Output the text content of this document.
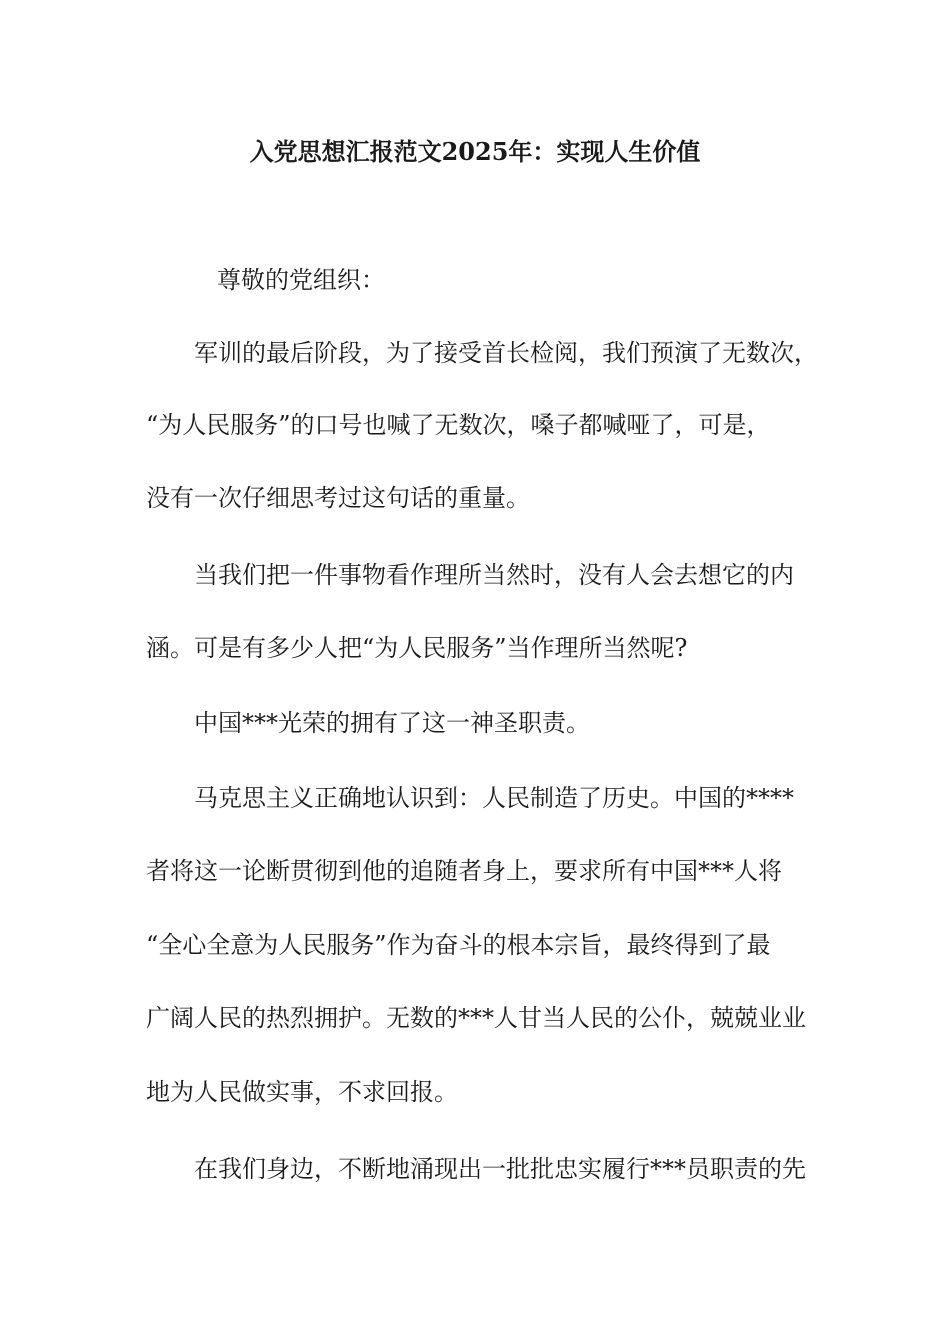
入党思想汇报范文2025年：实现人生价值
尊敬的党组织：
军训的最后阶段，为了接受首长检阅，我们预演了无数次，
“为人民服务”的口号也喊了无数次，嗓子都喊哑了，可是，
没有一次仔细思考过这句话的重量。
当我们把一件事物看作理所当然时，没有人会去想它的内
涵。可是有多少人把“为人民服务”当作理所当然呢?
中国***光荣的拥有了这一神圣职责。
马克思主义正确地认识到：人民制造了历史。中国的****
者将这一论断贯彻到他的追随者身上，要求所有中国***人将
“全心全意为人民服务”作为奋斗的根本宗旨，最终得到了最
广阔人民的热烈拥护。无数的***人甘当人民的公仆，兢兢业业
地为人民做实事，不求回报。
在我们身边，不断地涌现出一批批忠实履行***员职责的先
